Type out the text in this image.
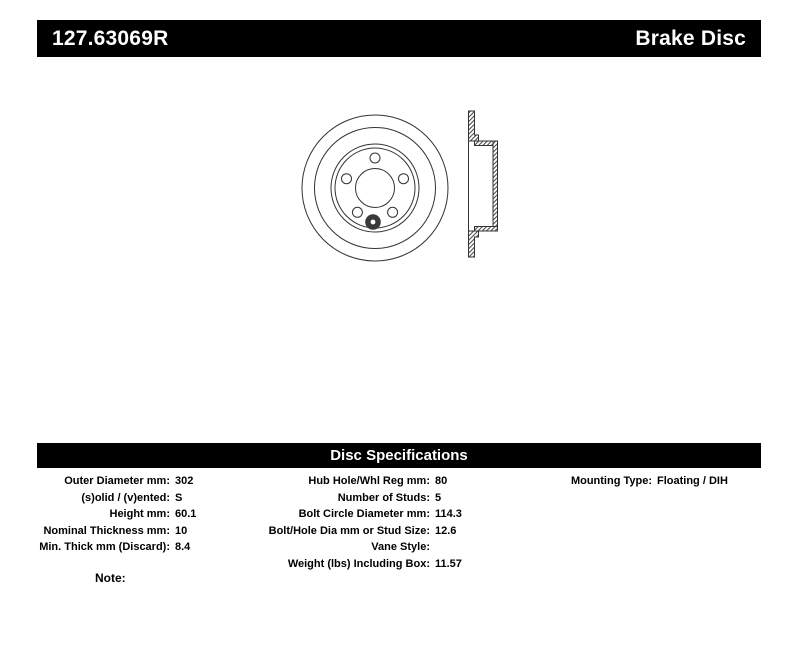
127.63069R	Brake Disc
Disc Specifications
Outer Diameter mm: 302
(s)olid / (v)ented: S
Height mm: 60.1
Nominal Thickness mm: 10
Min. Thick mm (Discard): 8.4
Hub Hole/Whl Reg mm: 80
Number of Studs: 5
Bolt Circle Diameter mm: 114.3
Bolt/Hole Dia mm or Stud Size: 12.6
Vane Style:
Weight (lbs) Including Box: 11.57
Mounting Type: Floating / DIH
Note:
